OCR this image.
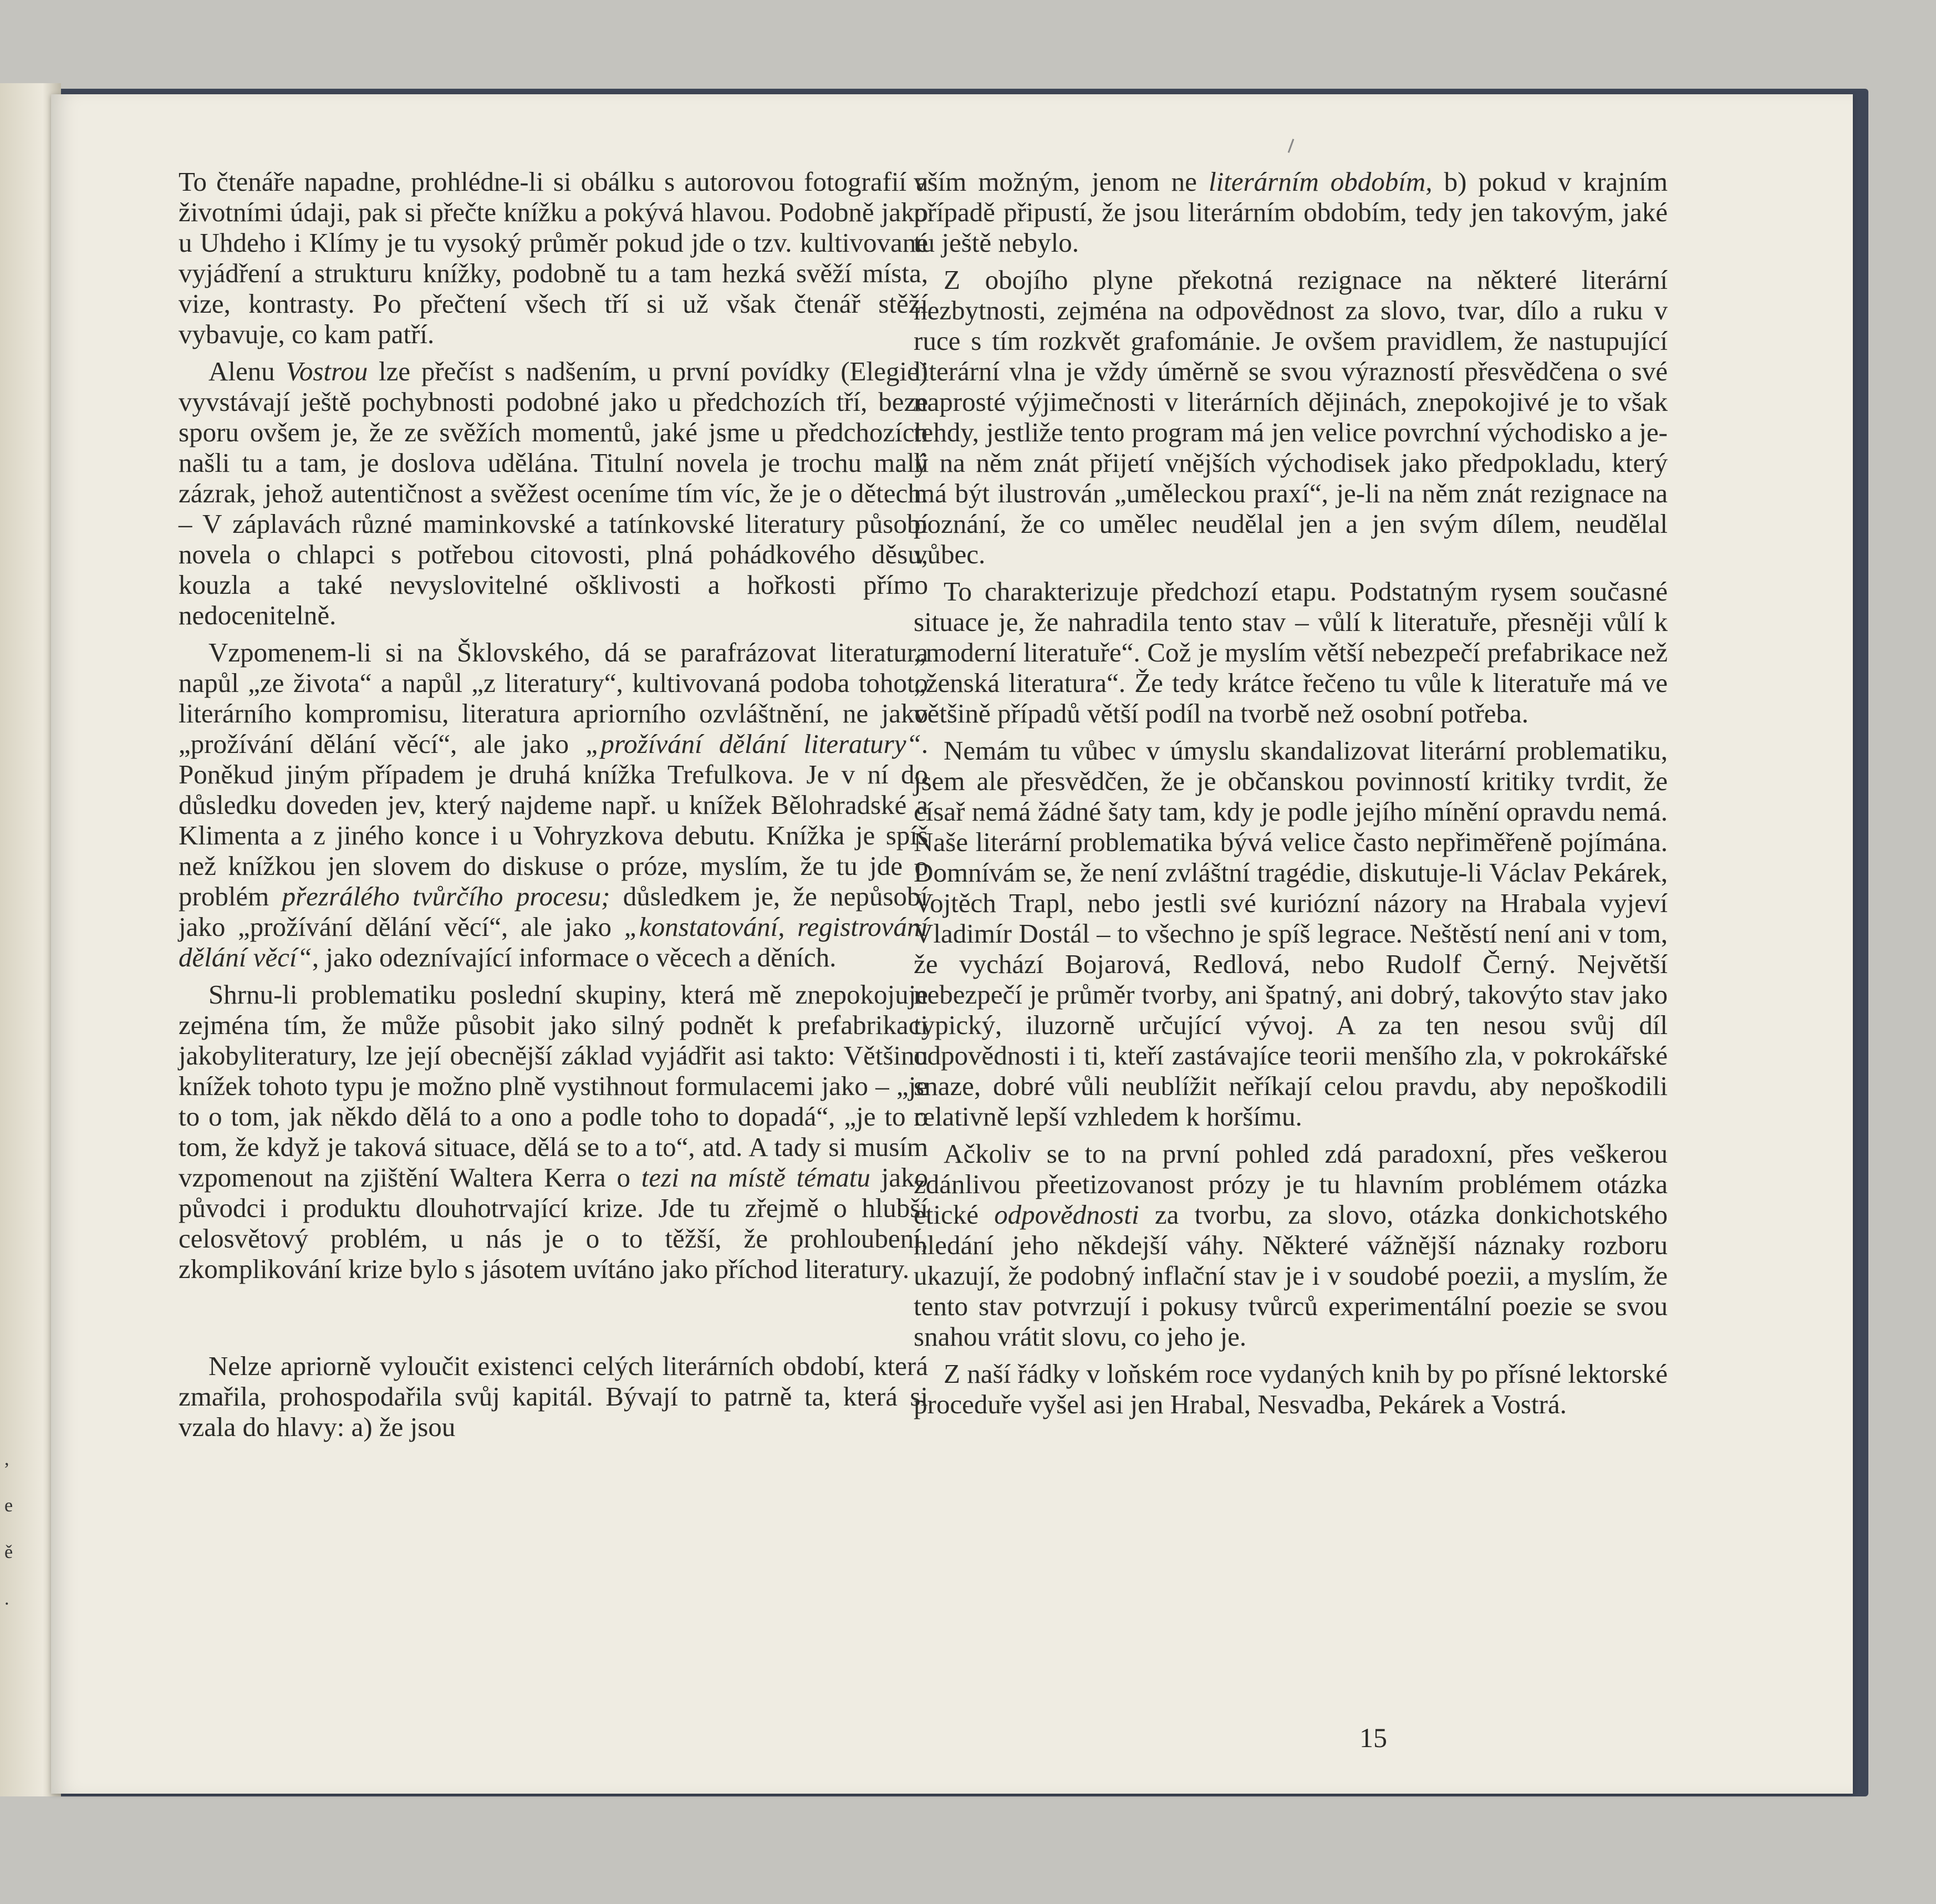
,
e
ě
.

To čtenáře napadne, prohlédne-li si obálku s autorovou fotografií a životními údaji, pak si přečte knížku a pokývá hlavou. Podobně jako u Uhdeho i Klímy je tu vysoký průměr pokud jde o tzv. kultivované vyjádření a strukturu knížky, podobně tu a tam hezká svěží místa, vize, kontrasty. Po přečtení všech tří si už však čtenář stěží vybavuje, co kam patří.

Alenu Vostrou lze přečíst s nadšením, u první povídky (Elegie) vyvstávají ještě pochybnosti podobné jako u předchozích tří, beze sporu ovšem je, že ze svěžích momentů, jaké jsme u předchozích našli tu a tam, je doslova udělána. Titulní novela je trochu malý zázrak, jehož autentičnost a svěžest oceníme tím víc, že je o dětech. – V záplavách různé maminkovské a tatínkovské literatury působí novela o chlapci s potřebou citovosti, plná pohádkového děsu, kouzla a také nevyslovitelné ošklivosti a hořkosti přímo nedocenitelně.

Vzpomenem-li si na Šklovského, dá se parafrázovat literatura napůl „ze života“ a napůl „z literatury“, kultivovaná podoba tohoto literárního kompromisu, literatura apriorního ozvláštnění, ne jako „prožívání dělání věcí“, ale jako „prožívání dělání literatury“. Poněkud jiným případem je druhá knížka Trefulkova. Je v ní do důsledku doveden jev, který najdeme např. u knížek Bělohradské a Klimenta a z jiného konce i u Vohryzkova debutu. Knížka je spíš než knížkou jen slovem do diskuse o próze, myslím, že tu jde o problém přezrálého tvůrčího procesu; důsledkem je, že nepůsobí jako „prožívání dělání věcí“, ale jako „konstatování, registrování dělání věcí“, jako odeznívající informace o věcech a děních.

Shrnu-li problematiku poslední skupiny, která mě znepokojuje zejména tím, že může působit jako silný podnět k prefabrikaci jakobyliteratury, lze její obecnější základ vyjádřit asi takto: Většinu knížek tohoto typu je možno plně vystihnout formulacemi jako – „je to o tom, jak někdo dělá to a ono a podle toho to dopadá“, „je to o tom, že když je taková situace, dělá se to a to“, atd. A tady si musím vzpomenout na zjištění Waltera Kerra o tezi na místě tématu jako původci i produktu dlouhotrvající krize. Jde tu zřejmě o hlubší celosvětový problém, u nás je o to těžší, že prohloubení, zkomplikování krize bylo s jásotem uvítáno jako příchod literatury.

Nelze apriorně vyloučit existenci celých literárních období, která zmařila, prohospodařila svůj kapitál. Bývají to patrně ta, která si vzala do hlavy: a) že jsou

vším možným, jenom ne literárním obdobím, b) pokud v krajním případě připustí, že jsou literárním obdobím, tedy jen takovým, jaké tu ještě nebylo.

Z obojího plyne překotná rezignace na některé literární nezbytnosti, zejména na odpovědnost za slovo, tvar, dílo a ruku v ruce s tím rozkvět grafománie. Je ovšem pravidlem, že nastupující literární vlna je vždy úměrně se svou výrazností přesvědčena o své naprosté výjimečnosti v literárních dějinách, znepokojivé je to však tehdy, jestliže tento program má jen velice povrchní východisko a je-li na něm znát přijetí vnějších východisek jako předpokladu, který má být ilustrován „uměleckou praxí“, je-li na něm znát rezignace na poznání, že co umělec neudělal jen a jen svým dílem, neudělal vůbec.

To charakterizuje předchozí etapu. Podstatným rysem současné situace je, že nahradila tento stav – vůlí k literatuře, přesněji vůlí k „moderní literatuře“. Což je myslím větší nebezpečí prefabrikace než „ženská literatura“. Že tedy krátce řečeno tu vůle k literatuře má ve většině případů větší podíl na tvorbě než osobní potřeba.

Nemám tu vůbec v úmyslu skandalizovat literární problematiku, jsem ale přesvědčen, že je občanskou povinností kritiky tvrdit, že císař nemá žádné šaty tam, kdy je podle jejího mínění opravdu nemá. Naše literární problematika bývá velice často nepřiměřeně pojímána. Domnívám se, že není zvláštní tragédie, diskutuje-li Václav Pekárek, Vojtěch Trapl, nebo jestli své kuriózní názory na Hrabala vyjeví Vladimír Dostál – to všechno je spíš legrace. Neštěstí není ani v tom, že vychází Bojarová, Redlová, nebo Rudolf Černý. Největší nebezpečí je průměr tvorby, ani špatný, ani dobrý, takovýto stav jako typický, iluzorně určující vývoj. A za ten nesou svůj díl odpovědnosti i ti, kteří zastávajíce teorii menšího zla, v pokrokářské snaze, dobré vůli neublížit neříkají celou pravdu, aby nepoškodili relativně lepší vzhledem k horšímu.

Ačkoliv se to na první pohled zdá paradoxní, přes veškerou zdánlivou přeetizovanost prózy je tu hlavním problémem otázka etické odpovědnosti za tvorbu, za slovo, otázka donkichotského hledání jeho někdejší váhy. Některé vážnější náznaky rozboru ukazují, že podobný inflační stav je i v soudobé poezii, a myslím, že tento stav potvrzují i pokusy tvůrců experimentální poezie se svou snahou vrátit slovu, co jeho je.

Z naší řádky v loňském roce vydaných knih by po přísné lektorské proceduře vyšel asi jen Hrabal, Nesvadba, Pekárek a Vostrá.

15
